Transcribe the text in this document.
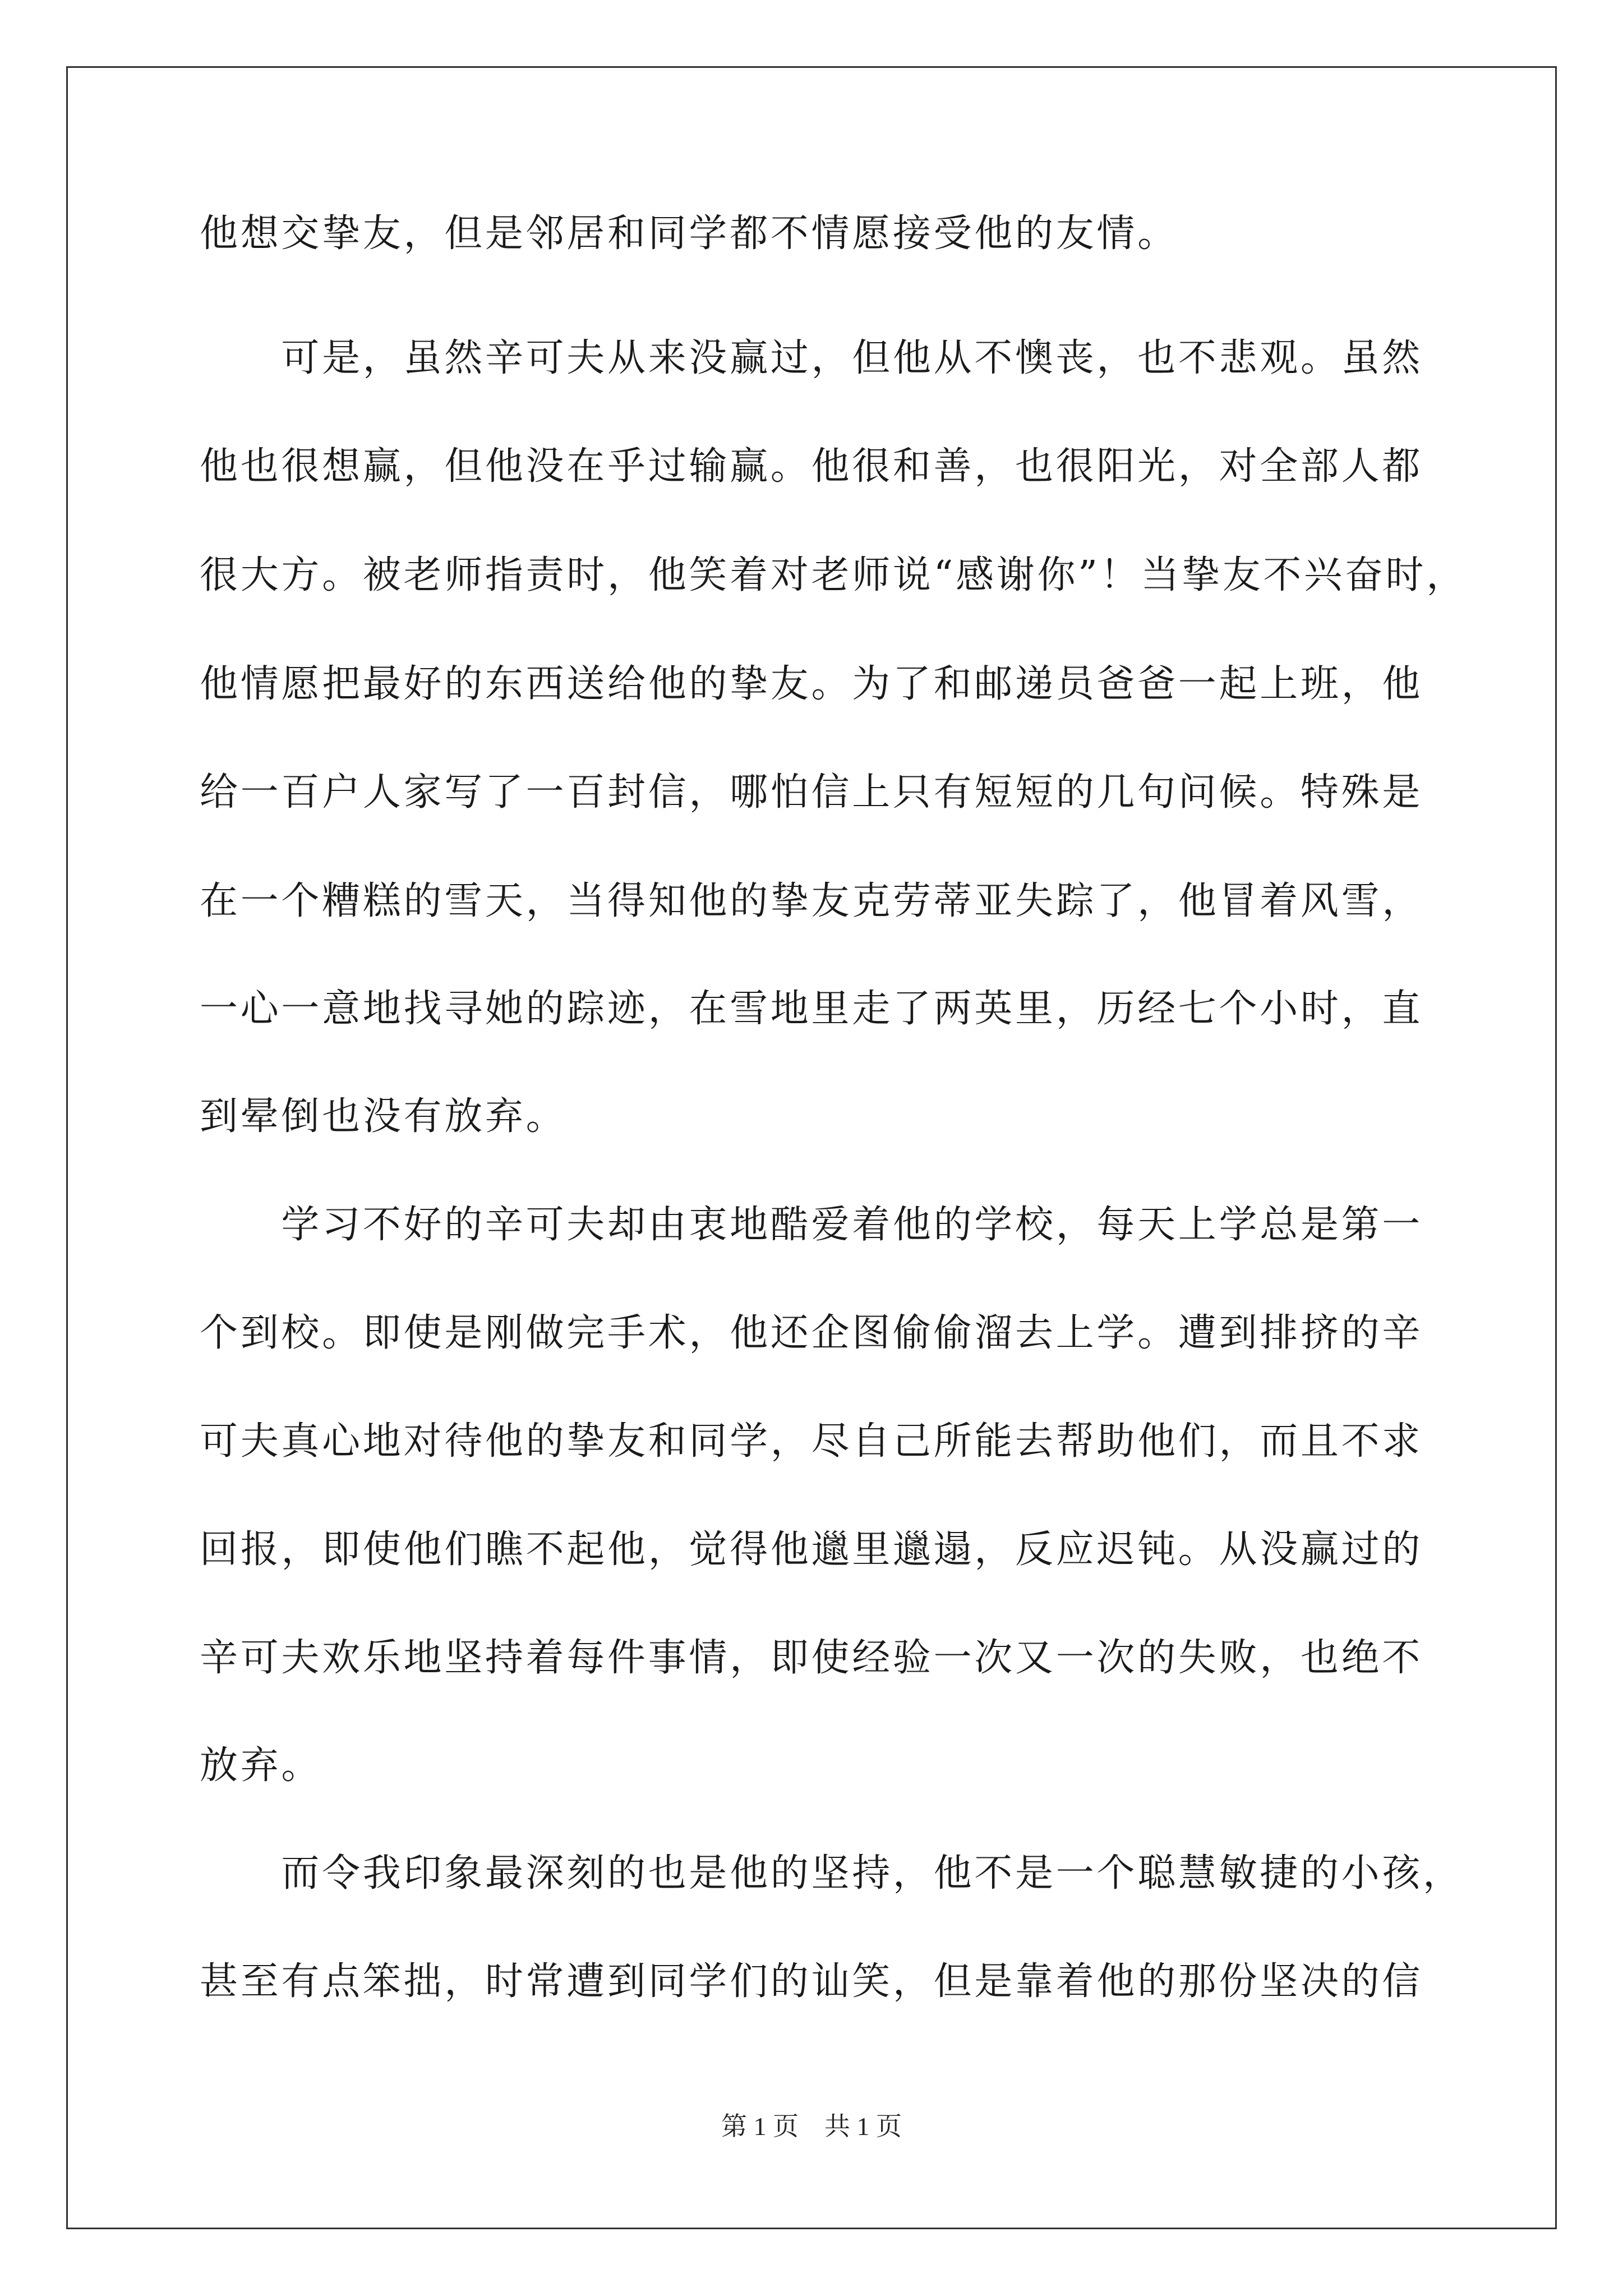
他想交挚友，但是邻居和同学都不情愿接受他的友情。
　　可是，虽然辛可夫从来没赢过，但他从不懊丧，也不悲观。虽然
他也很想赢，但他没在乎过输赢。他很和善，也很阳光，对全部人都
很大方。被老师指责时，他笑着对老师说“感谢你”！当挚友不兴奋时，
他情愿把最好的东西送给他的挚友。为了和邮递员爸爸一起上班，他
给一百户人家写了一百封信，哪怕信上只有短短的几句问候。特殊是
在一个糟糕的雪天，当得知他的挚友克劳蒂亚失踪了，他冒着风雪，
一心一意地找寻她的踪迹，在雪地里走了两英里，历经七个小时，直
到晕倒也没有放弃。
　　学习不好的辛可夫却由衷地酷爱着他的学校，每天上学总是第一
个到校。即使是刚做完手术，他还企图偷偷溜去上学。遭到排挤的辛
可夫真心地对待他的挚友和同学，尽自己所能去帮助他们，而且不求
回报，即使他们瞧不起他，觉得他邋里邋遢，反应迟钝。从没赢过的
辛可夫欢乐地坚持着每件事情，即使经验一次又一次的失败，也绝不
放弃。
　　而令我印象最深刻的也是他的坚持，他不是一个聪慧敏捷的小孩，
甚至有点笨拙，时常遭到同学们的讪笑，但是靠着他的那份坚决的信
第 1 页　共 1 页
